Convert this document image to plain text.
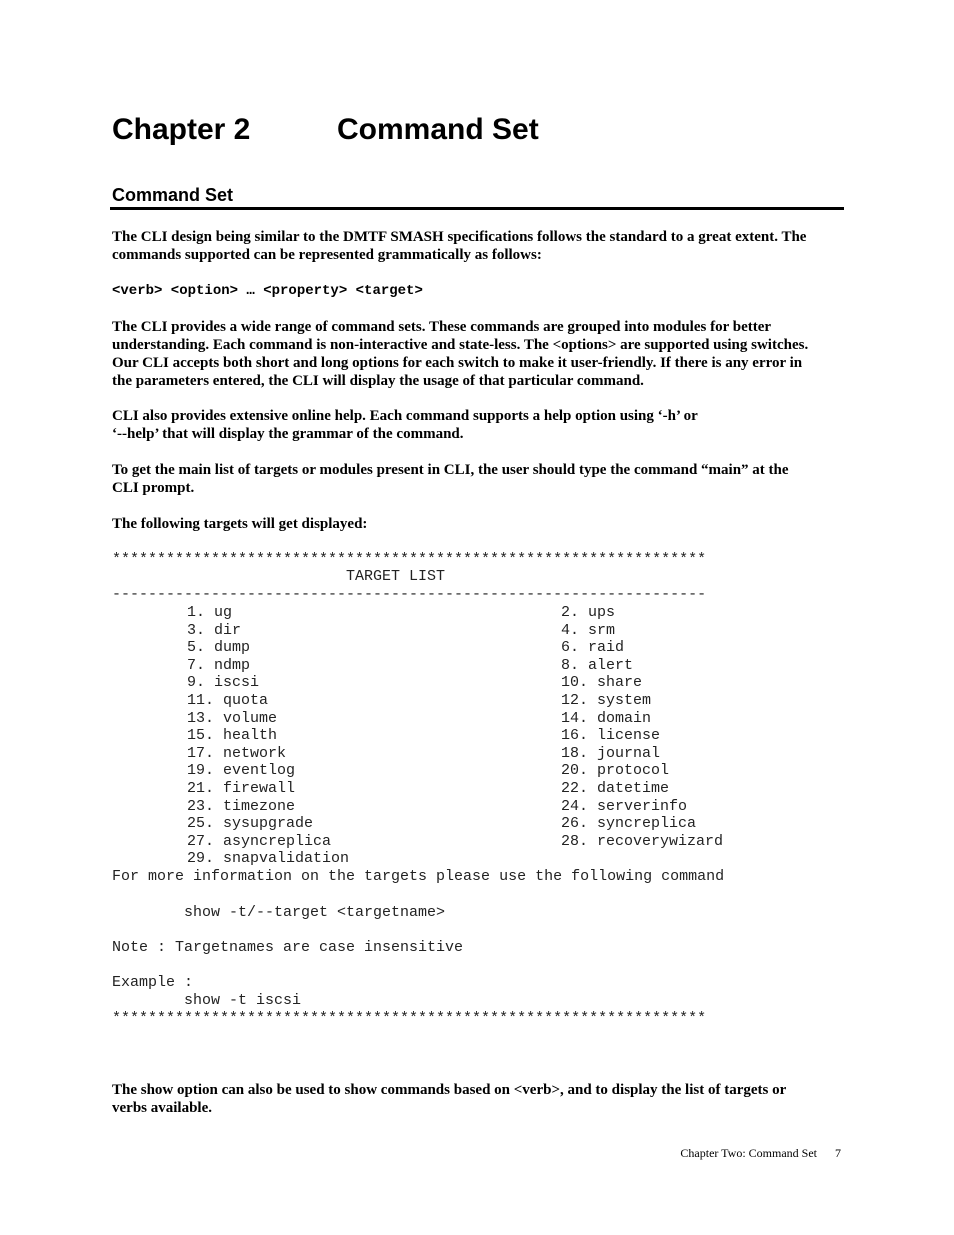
Chapter 2	Command Set
Command Set

The CLI design being similar to the DMTF SMASH specifications follows the standard to a great extent. The
commands supported can be represented grammatically as follows:

<verb> <option> … <property> <target>

The CLI provides a wide range of command sets. These commands are grouped into modules for better
understanding. Each command is non-interactive and state-less. The <options> are supported using switches.
Our CLI accepts both short and long options for each switch to make it user-friendly. If there is any error in
the parameters entered, the CLI will display the usage of that particular command.

CLI also provides extensive online help. Each command supports a help option using ‘-h’ or
‘--help’ that will display the grammar of the command.

To get the main list of targets or modules present in CLI, the user should type the command “main” at the
CLI prompt.

The following targets will get displayed:

******************************************************************
TARGET LIST
------------------------------------------------------------------
1. ug	2. ups
3. dir	4. srm
5. dump	6. raid
7. ndmp	8. alert
9. iscsi	10. share
11. quota	12. system
13. volume	14. domain
15. health	16. license
17. network	18. journal
19. eventlog	20. protocol
21. firewall	22. datetime
23. timezone	24. serverinfo
25. sysupgrade	26. syncreplica
27. asyncreplica	28. recoverywizard
29. snapvalidation
For more information on the targets please use the following command
show -t/--target <targetname>
Note : Targetnames are case insensitive
Example :
show -t iscsi
******************************************************************

The show option can also be used to show commands based on <verb>, and to display the list of targets or
verbs available.

Chapter Two: Command Set 7
